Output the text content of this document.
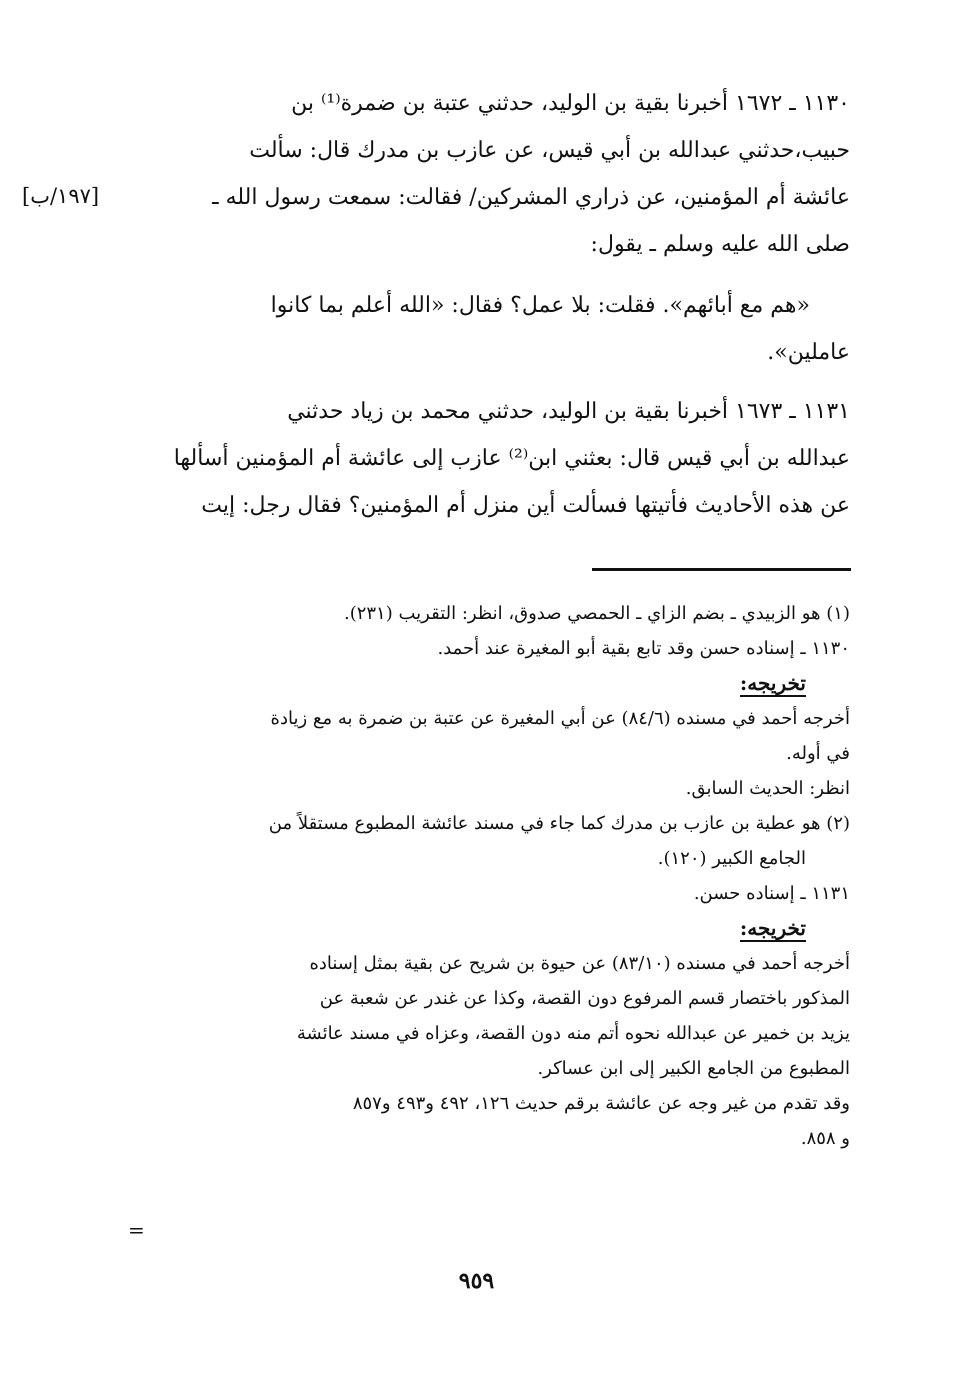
١١٣٠ ـ ١٦٧٢ أخبرنا بقية بن الوليد، حدثني عتبة بن ضمرة⁽¹⁾ بن
حبيب،حدثني عبدالله بن أبي قيس، عن عازب بن مدرك قال: سألت
عائشة أم المؤمنين، عن ذراري المشركين/ فقالت: سمعت رسول الله ـ
صلى الله عليه وسلم ـ يقول:
«هم مع أبائهم». فقلت: بلا عمل؟ فقال: «الله أعلم بما كانوا
عاملين».
[١٩٧/ب]
١١٣١ ـ ١٦٧٣ أخبرنا بقية بن الوليد، حدثني محمد بن زياد حدثني
عبدالله بن أبي قيس قال: بعثني ابن⁽²⁾ عازب إلى عائشة أم المؤمنين أسألها
عن هذه الأحاديث فأتيتها فسألت أين منزل أم المؤمنين؟ فقال رجل: إيت
(١) هو الزبيدي ـ بضم الزاي ـ الحمصي صدوق، انظر: التقريب (٢٣١).
١١٣٠ ـ إسناده حسن وقد تابع بقية أبو المغيرة عند أحمد.
تخريجه:
أخرجه أحمد في مسنده (٨٤/٦) عن أبي المغيرة عن عتبة بن ضمرة به مع زيادة
في أوله.
انظر: الحديث السابق.
(٢) هو عطية بن عازب بن مدرك كما جاء في مسند عائشة المطبوع مستقلاً من
الجامع الكبير (١٢٠).
١١٣١ ـ إسناده حسن.
تخريجه:
أخرجه أحمد في مسنده (٨٣/١٠) عن حيوة بن شريح عن بقية بمثل إسناده
المذكور باختصار قسم المرفوع دون القصة، وكذا عن غندر عن شعبة عن
يزيد بن خمير عن عبدالله نحوه أتم منه دون القصة، وعزاه في مسند عائشة
المطبوع من الجامع الكبير إلى ابن عساكر.
وقد تقدم من غير وجه عن عائشة برقم حديث ١٢٦، ٤٩٢ و٤٩٣ و٨٥٧
و ٨٥٨.
=
٩٥٩
